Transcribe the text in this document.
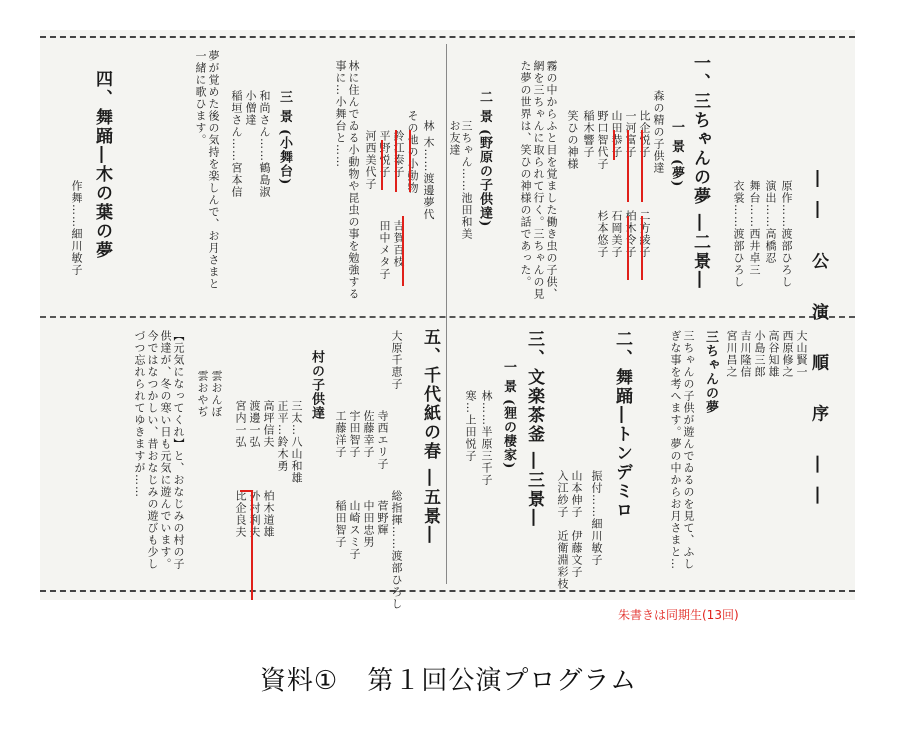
―― 公 演 順 序 ――
原作……渡部ひろし
演出……高橋忍
舞台……西井卓三
衣裳……渡部ひろし
一、三ちゃんの夢 ―二景―
一 景 (夢)
森の精の子供達
比企悦子
一河富子
山田恭子
野口智代子
稲木響子
二方綾子
柏木令子
石岡美子
杉本悠子
笑ひの神様
霧の中からふと目を覚ました働き虫の子供、網を三ちゃんに取られて行く。三ちゃんの見た夢の世界は、笑ひの神様の話であった。
二 景 (野原の子供達)
三ちゃん……池田和美
お友達
林 木……渡邊夢代
その他の小動物
鈴江泰子
平野悦子
河西美代子
吉賀百枝
田中メタ子
林に住んでゐる小動物や昆虫の事を勉強する事に…小舞台と……
三 景 (小舞台)
和尚さん……鶴島淑
小僧達
稲垣さん……宮本信
夢が覚めた後の気持を楽しんで、お月さまと一緒に歌ひます。
四、舞踊―木の葉の夢
作舞……細川敏子
大山賢一
西原修之
高谷知雄
小島三郎
吉川隆信
宮川昌之
三ちゃんの夢
三ちゃんの子供が遊んでゐるのを見て、ふしぎな事を考へます。夢の中からお月さまと…
二、舞踊―トンデミロ
振付……細川敏子
山本伸子
入江紗子
伊藤文子
近衛淵彩枝
三、文楽茶釜 ―三景―
一 景 (狸の棲家)
林……半原三千子
寒…上田悦子
五、千代紙の春 ―五景―
大原千恵子
寺西エリ子
佐藤幸子
宇田智子
工藤洋子
総指揮……渡部ひろし
菅野輝
中田忠男
山崎スミ子
稲田智子
村の子供達
三太…八山和雄
正平…鈴木勇
高坪信夫
渡邊一弘
宮内一弘
柏木道雄
外村利夫
比企良夫
雲おんぼ
雲おやぢ
【元気になってくれ】と、おなじみの村の子供達が、冬の寒い日も元気に遊んでいます。今ではなつかしい、昔おなじみの遊びも少しづつ忘れられてゆきますが……
朱書きは同期生(13回)
資料① 第１回公演プログラム
